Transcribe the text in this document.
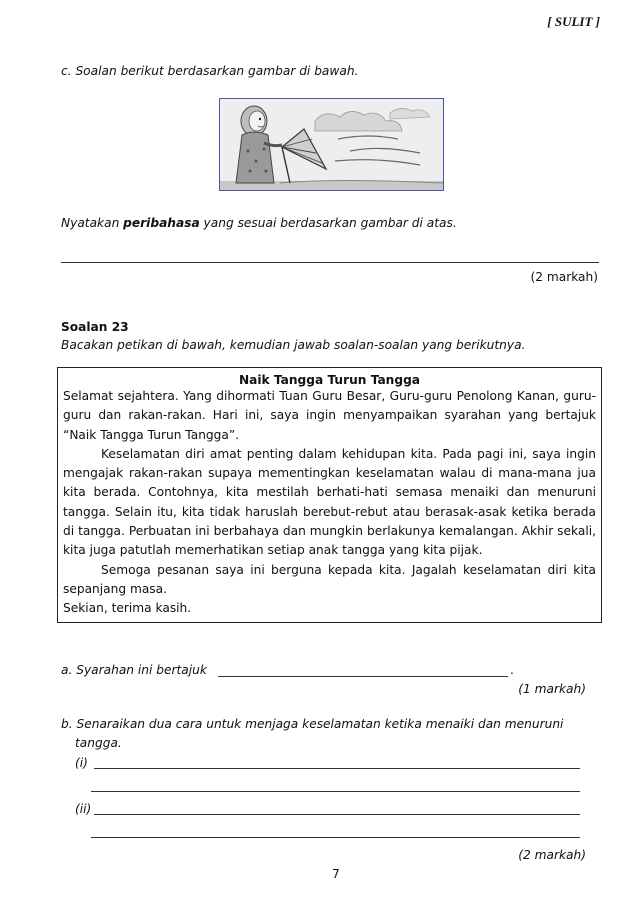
[ SULIT ]
c. Soalan berikut berdasarkan gambar di bawah.
Nyatakan peribahasa yang sesuai berdasarkan gambar di atas.
(2 markah)
Soalan 23
Bacakan petikan di bawah, kemudian jawab soalan-soalan yang berikutnya.
Naik Tangga Turun Tangga
Selamat sejahtera. Yang dihormati Tuan Guru Besar, Guru-guru Penolong Kanan, guru-guru dan rakan-rakan. Hari ini, saya ingin menyampaikan syarahan yang bertajuk “Naik Tangga Turun Tangga”.
Keselamatan diri amat penting dalam kehidupan kita. Pada pagi ini, saya ingin mengajak rakan-rakan supaya mementingkan keselamatan walau di mana-mana jua kita berada. Contohnya, kita mestilah berhati-hati semasa menaiki dan menuruni tangga. Selain itu, kita tidak haruslah berebut-rebut atau berasak-asak ketika berada di tangga. Perbuatan ini berbahaya dan mungkin berlakunya kemalangan. Akhir sekali, kita juga patutlah memerhatikan setiap anak tangga yang kita pijak.
Semoga pesanan saya ini berguna kepada kita. Jagalah keselamatan diri kita sepanjang masa.
Sekian, terima kasih.
a. Syarahan ini bertajuk	.
(1 markah)
b. Senaraikan dua cara untuk menjaga keselamatan ketika menaiki dan menuruni
tangga.
(i)
(ii)
(2 markah)
7
